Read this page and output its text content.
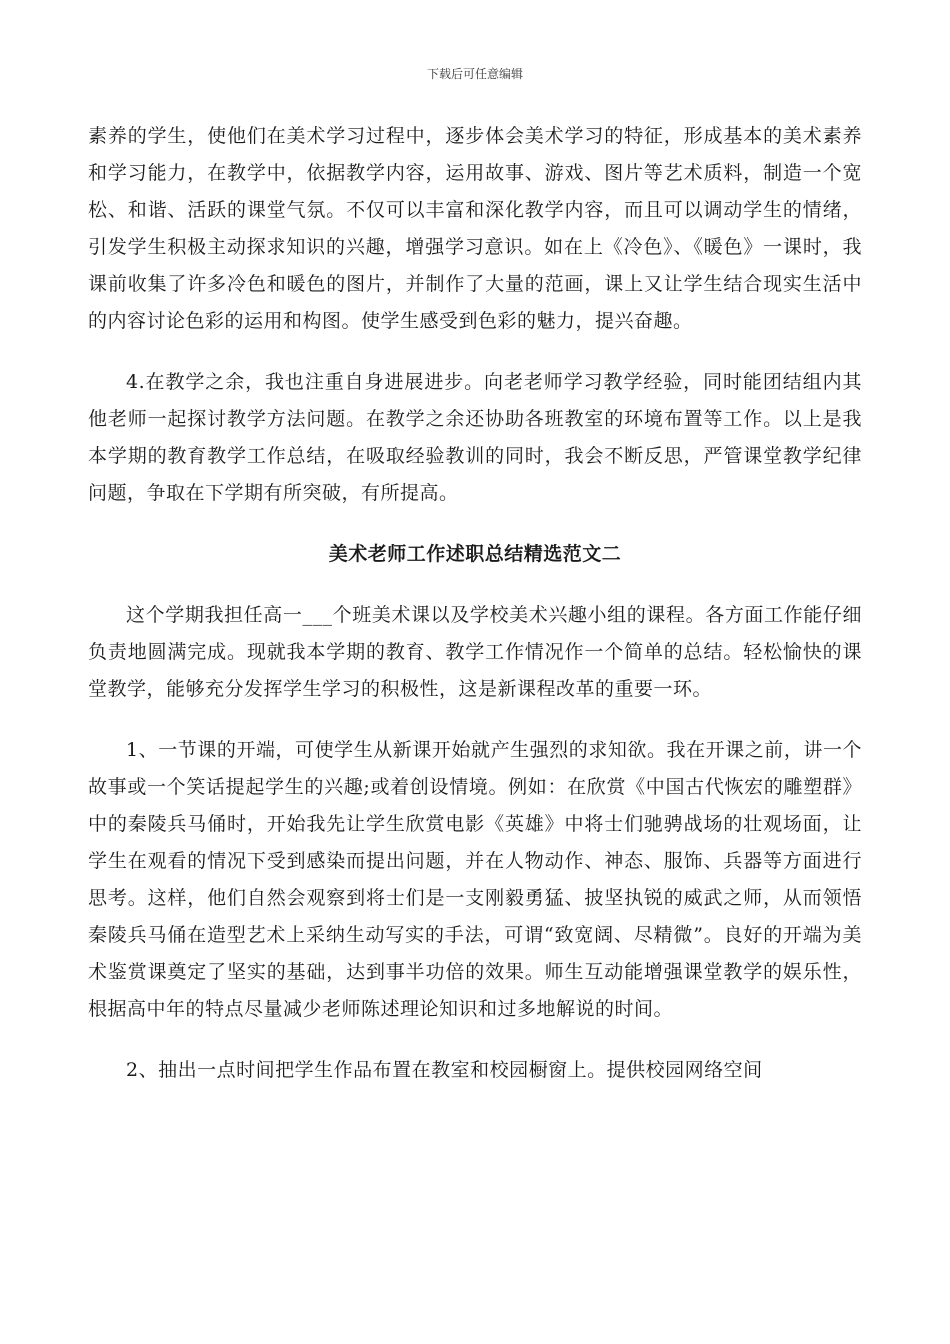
下载后可任意编辑

素养的学生，使他们在美术学习过程中，逐步体会美术学习的特征，形成基本的美术素养和学习能力，在教学中，依据教学内容，运用故事、游戏、图片等艺术质料，制造一个宽松、和谐、活跃的课堂气氛。不仅可以丰富和深化教学内容，而且可以调动学生的情绪，引发学生积极主动探求知识的兴趣，增强学习意识。如在上《冷色》、《暖色》一课时，我课前收集了许多冷色和暖色的图片，并制作了大量的范画，课上又让学生结合现实生活中的内容讨论色彩的运用和构图。使学生感受到色彩的魅力，提兴奋趣。

4.在教学之余，我也注重自身进展进步。向老老师学习教学经验，同时能团结组内其他老师一起探讨教学方法问题。在教学之余还协助各班教室的环境布置等工作。以上是我本学期的教育教学工作总结，在吸取经验教训的同时，我会不断反思，严管课堂教学纪律问题，争取在下学期有所突破，有所提高。

美术老师工作述职总结精选范文二

这个学期我担任高一___个班美术课以及学校美术兴趣小组的课程。各方面工作能仔细负责地圆满完成。现就我本学期的教育、教学工作情况作一个简单的总结。轻松愉快的课堂教学，能够充分发挥学生学习的积极性，这是新课程改革的重要一环。

1、一节课的开端，可使学生从新课开始就产生强烈的求知欲。我在开课之前，讲一个故事或一个笑话提起学生的兴趣;或着创设情境。例如：在欣赏《中国古代恢宏的雕塑群》中的秦陵兵马俑时，开始我先让学生欣赏电影《英雄》中将士们驰骋战场的壮观场面，让学生在观看的情况下受到感染而提出问题，并在人物动作、神态、服饰、兵器等方面进行思考。这样，他们自然会观察到将士们是一支刚毅勇猛、披坚执锐的威武之师，从而领悟秦陵兵马俑在造型艺术上采纳生动写实的手法，可谓“致宽阔、尽精微”。良好的开端为美术鉴赏课奠定了坚实的基础，达到事半功倍的效果。师生互动能增强课堂教学的娱乐性，根据高中年的特点尽量减少老师陈述理论知识和过多地解说的时间。

2、抽出一点时间把学生作品布置在教室和校园橱窗上。提供校园网络空间
